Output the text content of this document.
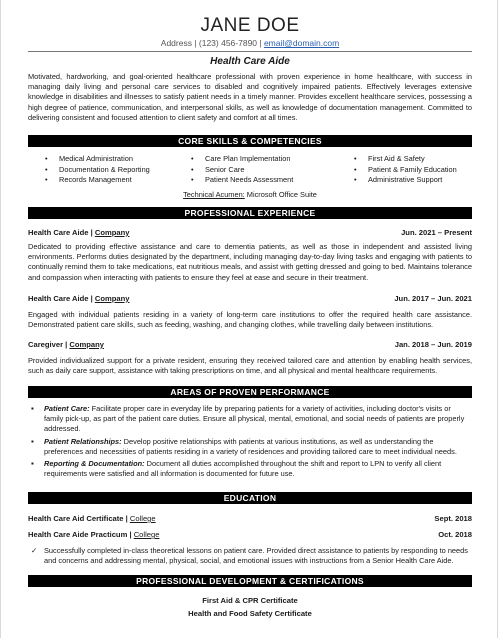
JANE DOE
Address | (123) 456-7890 | email@domain.com
Health Care Aide
Motivated, hardworking, and goal-oriented healthcare professional with proven experience in home healthcare, with success in managing daily living and personal care services to disabled and cognitively impaired patients. Effectively leverages extensive knowledge in disabilities and illnesses to satisfy patient needs in a timely manner. Provides excellent healthcare services, possessing a high degree of patience, communication, and interpersonal skills, as well as knowledge of documentation management. Committed to delivering consistent and focused attention to client safety and comfort at all times.
CORE SKILLS & COMPETENCIES
• Medical Administration
• Documentation & Reporting
• Records Management
• Care Plan Implementation
• Senior Care
• Patient Needs Assessment
• First Aid & Safety
• Patient & Family Education
• Administrative Support
Technical Acumen: Microsoft Office Suite
PROFESSIONAL EXPERIENCE
Health Care Aide | Company	Jun. 2021 – Present
Dedicated to providing effective assistance and care to dementia patients, as well as those in independent and assisted living environments. Performs duties designated by the department, including managing day-to-day living tasks and engaging with patients to continually remind them to take medications, eat nutritious meals, and assist with getting dressed and going to bed. Maintains tolerance and compassion when interacting with patients to ensure they feel at ease and secure in their treatment.
Health Care Aide | Company	Jun. 2017 – Jun. 2021
Engaged with individual patients residing in a variety of long-term care institutions to offer the required health care assistance. Demonstrated patient care skills, such as feeding, washing, and changing clothes, while travelling daily between institutions.
Caregiver | Company	Jan. 2018 – Jun. 2019
Provided individualized support for a private resident, ensuring they received tailored care and attention by enabling health services, such as daily care support, assistance with taking prescriptions on time, and all physical and mental healthcare requirements.
AREAS OF PROVEN PERFORMANCE
▪ Patient Care: Facilitate proper care in everyday life by preparing patients for a variety of activities, including doctor's visits or family pick-up, as part of the patient care duties. Ensure all physical, mental, emotional, and social needs of patients are properly addressed.
▪ Patient Relationships: Develop positive relationships with patients at various institutions, as well as understanding the preferences and necessities of patients residing in a variety of residences and providing tailored care to meet individual needs.
▪ Reporting & Documentation: Document all duties accomplished throughout the shift and report to LPN to verify all client requirements were satisfied and all information is documented for future use.
EDUCATION
Health Care Aid Certificate | College	Sept. 2018
Health Care Aide Practicum | College	Oct. 2018
✓ Successfully completed in-class theoretical lessons on patient care. Provided direct assistance to patients by responding to needs and concerns and addressing mental, physical, social, and emotional issues with instructions from a Senior Health Care Aide.
PROFESSIONAL DEVELOPMENT & CERTIFICATIONS
First Aid & CPR Certificate
Health and Food Safety Certificate
